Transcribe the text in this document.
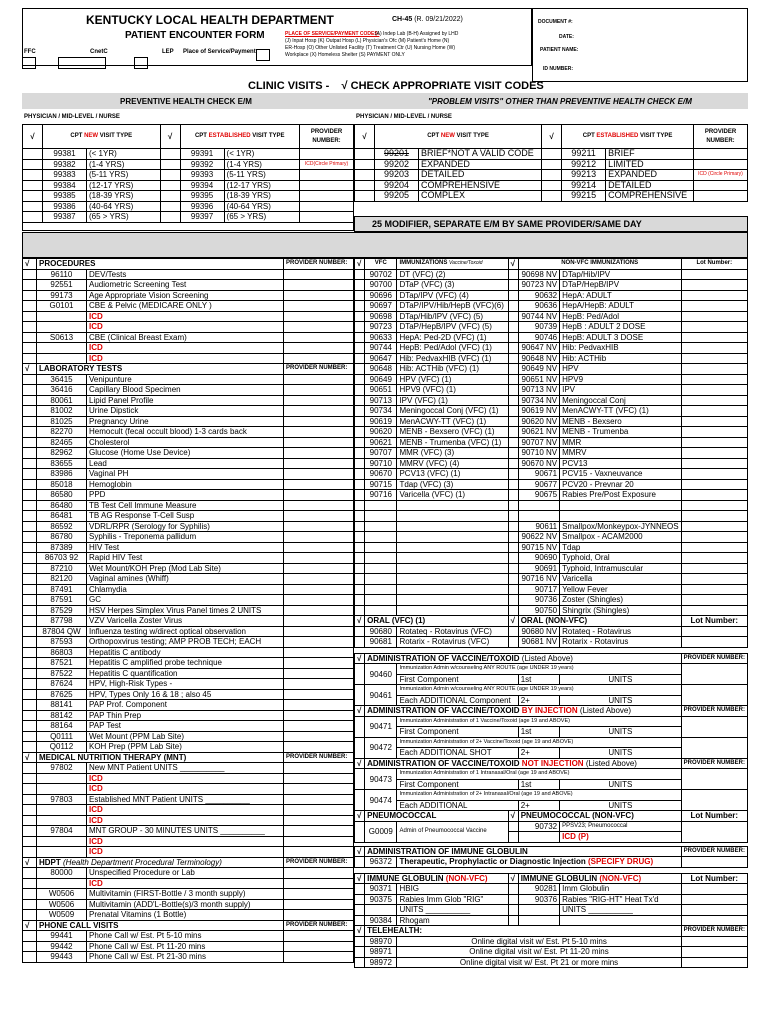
KENTUCKY LOCAL HEALTH DEPARTMENT
PATIENT ENCOUNTER FORM
FFC	CnetC	LEP Place of Service/Payment
CH-45 (R. 09/21/2022)
PLACE OF SERVICE/PAYMENT CODES:
(A) Indep Lab (B-H) Assigned by LHD
(J) Inpat Hosp (K) Outpat Hosp (L) Physician's Ofc (M) Patient's Home (N)
ER-Hosp (O) Other Unlisted Facility (T) Treatment Ctr (U) Nursing Home (W)
Workplace (X) Homeless Shelter (S) PAYMENT ONLY
DOCUMENT #:
DATE:
PATIENT NAME:
ID NUMBER:
CLINIC VISITS - √ CHECK APPROPRIATE VISIT CODES
PREVENTIVE HEALTH CHECK E/M	"PROBLEM VISITS" OTHER THAN PREVENTIVE HEALTH CHECK E/M
PHYSICIAN / MID-LEVEL / NURSE	PHYSICIAN / MID-LEVEL / NURSE
√	CPT NEW VISIT TYPE		√	CPT ESTABLISHED VISIT TYPE		PROVIDER NUMBER:
	99381	(< 1YR)		99391	(< 1YR)	
	99382	(1-4 YRS)		99392	(1-4 YRS)	ICD(Circle Primary)
	99383	(5-11 YRS)		99393	(5-11 YRS)	
	99384	(12-17 YRS)		99394	(12-17 YRS)	
	99385	(18-39 YRS)		99395	(18-39 YRS)	
	99386	(40-64 YRS)		99396	(40-64 YRS)	
	99387	(65 > YRS)		99397	(65 > YRS)	

√	CPT NEW VISIT TYPE		√	CPT ESTABLISHED VISIT TYPE		PROVIDER NUMBER:
	99201	BRIEF*NOT A VALID CODE		99211	BRIEF	
	99202	EXPANDED		99212	LIMITED	
	99203	DETAILED		99213	EXPANDED	ICD (Circle Primary)
	99204	COMPREHENSIVE		99214	DETAILED	
	99205	COMPLEX		99215	COMPREHENSIVE	
25 MODIFIER, SEPARATE E/M BY SAME PROVIDER/SAME DAY
√	PROCEDURES		PROVIDER NUMBER:
	96110	DEV/Tests	
	92551	Audiometric Screening Test	
	99173	Age Appropriate Vision Screening	
	G0101	CBE & Pelvic (MEDICARE ONLY )	
		ICD	
		ICD	
	S0613	CBE (Clinical Breast Exam)	
		ICD	
		ICD	
√	LABORATORY TESTS		PROVIDER NUMBER:
	36415	Venipunture	
	36416	Capillary Blood Specimen	
	80061	Lipid Panel Profile	
	81002	Urine Dipstick	
	81025	Pregnancy Urine	
	82270	Hemocult (fecal occult blood) 1-3 cards back	
	82465	Cholesterol	
	82962	Glucose (Home Use Device)	
	83655	Lead	
	83986	Vaginal PH	
	85018	Hemoglobin	
	86580	PPD	
	86480	TB Test Cell Immune Measure	
	86481	TB AG Response T-Cell Susp	
	86592	VDRL/RPR (Serology for Syphilis)	
	86780	Syphilis - Treponema pallidum	
	87389	HIV Test	
	86703 92	Rapid HIV Test	
	87210	Wet Mount/KOH Prep (Mod Lab Site)	
	82120	Vaginal amines (Whiff)	
	87491	Chlamydia	
	87591	GC	
	87529	HSV Herpes Simplex Virus Panel times 2 UNITS	
	87798	VZV Varicella Zoster Virus	
	87804 QW	Influenza testing w/direct optical observation	
	87593	Orthopoxvirus testing; AMP PROB TECH; EACH	
	86803	Hepatitis C antibody	
	87521	Hepatitis C amplified probe technique	
	87522	Hepatitis C quantification	
	87624	HPV, High-Risk Types -	
	87625	HPV, Types Only 16 & 18 ; also 45	
	88141	PAP Prof. Component	
	88142	PAP Thin Prep	
	88164	PAP Test	
	Q0111	Wet Mount (PPM Lab Site)	
	Q0112	KOH Prep (PPM Lab Site)	
√	MEDICAL NUTRITION THERAPY (MNT)		PROVIDER NUMBER:
	97802	New MNT Patient UNITS __________	
		ICD	
		ICD	
	97803	Established MNT Patient UNITS __________	
		ICD	
		ICD	
	97804	MNT GROUP - 30 MINUTES UNITS __________	
		ICD	
		ICD	
√	HDPT (Health Department Procedural Terminology)		PROVIDER NUMBER:
	80000	Unspecified Procedure or Lab	
		ICD	
	W0506	Multivitamin (FIRST-Bottle / 3 month supply)	
	W0506	Multivitamin (ADD'L-Bottle(s)/3 month supply)	
	W0509	Prenatal Vitamins (1 Bottle)	
√	PHONE CALL VISITS		PROVIDER NUMBER:
	99441	Phone Call w/ Est. Pt 5-10 mins	
	99442	Phone Call w/ Est. Pt 11-20 mins	
	99443	Phone Call w/ Est. Pt 21-30 mins	
√	VFC	IMMUNIZATIONS Vaccine/Toxoid	√	NON-VFC IMMUNIZATIONS		Lot Number:
	90702	DT (VFC) (2)		90698 NV	DTap/Hib/IPV	
	90700	DTaP (VFC) (3)		90723 NV	DTaP/HepB/IPV	
	90696	DTap/IPV (VFC) (4)		90632	HepA: ADULT	
	90697	DTaP/IPV/Hib/HepB (VFC)(6)		90636	HepA/HepB: ADULT	
	90698	DTap/Hib/IPV (VFC) (5)		90744 NV	HepB: Ped/Adol	
	90723	DTaP/HepB/IPV (VFC) (5)		90739	HepB : ADULT 2 DOSE	
	90633	HepA: Ped-2D (VFC) (1)		90746	HepB: ADULT 3 DOSE	
	90744	HepB: Ped/Adol (VFC) (1)		90647 NV	Hib: PedvaxHIB	
	90647	Hib: PedvaxHIB (VFC) (1)		90648 NV	Hib: ACTHib	
	90648	Hib: ACTHib (VFC) (1)		90649 NV	HPV	
	90649	HPV (VFC) (1)		90651 NV	HPV9	
	90651	HPV9 (VFC) (1)		90713 NV	IPV	
	90713	IPV (VFC) (1)		90734 NV	Meningoccal Conj	
	90734	Meningoccal Conj (VFC) (1)		90619 NV	MenACWY-TT (VFC) (1)	
	90619	MenACWY-TT (VFC) (1)		90620 NV	MENB - Bexsero	
	90620	MENB - Bexsero (VFC) (1)		90621 NV	MENB - Trumenba	
	90621	MENB - Trumenba (VFC) (1)		90707 NV	MMR	
	90707	MMR (VFC) (3)		90710 NV	MMRV	
	90710	MMRV (VFC) (4)		90670 NV	PCV13	
	90670	PCV13 (VFC) (1)		90671	PCV15 - Vaxneuvance	
	90715	Tdap (VFC) (3)		90677	PCV20 - Prevnar 20	
	90716	Varicella (VFC) (1)		90675	Rabies Pre/Post Exposure	

				90611	Smallpox/Monkeypox-JYNNEOS	
				90622 NV	Smallpox - ACAM2000	
				90715 NV	Tdap	
				90690	Typhoid, Oral	
				90691	Typhoid, Intramuscular	
				90716 NV	Varicella	
				90717	Yellow Fever	
				90736	Zoster (Shingles)	
				90750	Shingrix (Shingles)	
√	ORAL (VFC) (1)		√	ORAL (NON-VFC)		Lot Number:
	90680	Rotateq - Rotavirus (VFC)		90680 NV	Rotateq - Rotavirus	
	90681	Rotarix - Rotavirus (VFC)		90681 NV	Rotarix - Rotavirus	

√	ADMINISTRATION OF VACCINE/TOXOID (Listed Above)					PROVIDER NUMBER:
	90460	Immunization Admin w/counseling ANY ROUTE (age UNDER 19 years)				
		First Component		1st	UNITS	
	90461	Immunization Admin w/counseling ANY ROUTE (age UNDER 19 years)				
		Each ADDITIONAL Component		2+	UNITS	
√	ADMINISTRATION OF VACCINE/TOXOID BY INJECTION (Listed Above)					PROVIDER NUMBER:
	90471	Immunization Administration of 1 Vaccine/Toxoid (age 19 and ABOVE)				
		First Component		1st	UNITS	
	90472	Immunization Administration of 2+ Vaccine/Toxoid (age 19 and ABOVE)				
		Each ADDITIONAL SHOT		2+	UNITS	
√	ADMINISTRATION OF VACCINE/TOXOID NOT INJECTION (Listed Above)					PROVIDER NUMBER:
	90473	Immunization Administration of 1 Intranasal/Oral (age 19 and ABOVE)				
		First Component		1st	UNITS	
	90474	Immunization Administration of 2+ Intranasal/Oral (age 19 and ABOVE)				
		Each ADDITIONAL		2+	UNITS	
√	PNEUMOCOCCAL		√	PNEUMOCOCCAL (NON-VFC)		Lot Number:
	G0009	Admin of Pneumococcal Vaccine		90732	PPSV23; Pneumococcal	
					ICD (P)	

√	ADMINISTRATION OF IMMUNE GLOBULIN					PROVIDER NUMBER:
	96372	Therapeutic, Prophylactic or Diagnostic Injection (SPECIFY DRUG)				

√	IMMUNE GLOBULIN (NON-VFC)		√	IMMUNE GLOBULIN (NON-VFC)		Lot Number:
	90371	HBIG		90281	Imm Globulin	
	90375	Rabies Imm Glob "RIG"		90376	Rabies "RIG-HT" Heat Tx'd	
		UNITS __________			UNITS __________	
	90384	Rhogam				
√	TELEHEALTH:					PROVIDER NUMBER:
	98970	Online digital visit w/ Est. Pt 5-10 mins				
	98971	Online digital visit w/ Est. Pt 11-20 mins				
	98972	Online digital visit w/ Est. Pt 21 or more mins				
